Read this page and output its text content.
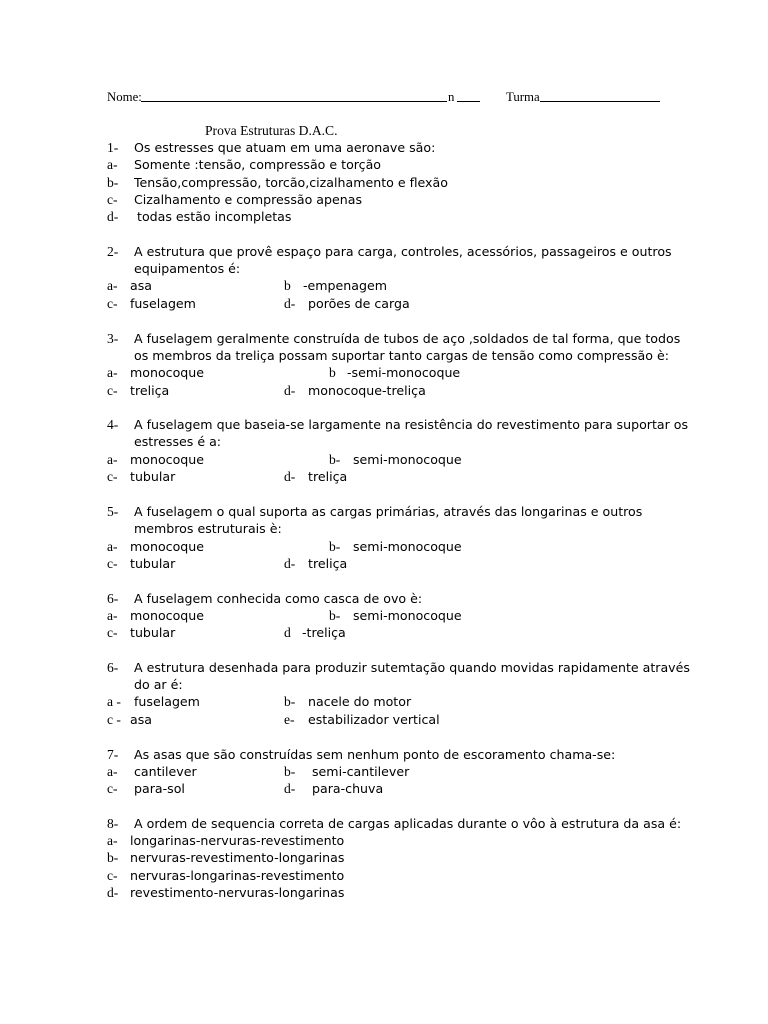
Nome:	n	Turma
Prova Estruturas D.A.C.
1- Os estresses que atuam em uma aeronave são:
a- Somente :tensão, compressão e torção
b- Tensão,compressão, torcão,cizalhamento e flexão
c- Cizalhamento e compressão apenas
d- todas estão incompletas
2- A estrutura que provê espaço para carga, controles, acessórios, passageiros e outros
equipamentos é:
a- asa	b -empenagem
c- fuselagem	d- porões de carga
3- A fuselagem geralmente construída de tubos de aço ,soldados de tal forma, que todos
os membros da treliça possam suportar tanto cargas de tensão como compressão è:
a- monocoque	b -semi-monocoque
c- treliça	d- monocoque-treliça
4- A fuselagem que baseia-se largamente na resistência do revestimento para suportar os
estresses é a:
a- monocoque	b- semi-monocoque
c- tubular	d- treliça
5- A fuselagem o qual suporta as cargas primárias, através das longarinas e outros
membros estruturais è:
a- monocoque	b- semi-monocoque
c- tubular	d- treliça
6- A fuselagem conhecida como casca de ovo è:
a- monocoque	b- semi-monocoque
c- tubular	d -treliça
6- A estrutura desenhada para produzir sutemtação quando movidas rapidamente através
do ar é:
a - fuselagem	b- nacele do motor
c - asa	e- estabilizador vertical
7- As asas que são construídas sem nenhum ponto de escoramento chama-se:
a- cantilever	b- semi-cantilever
c- para-sol	d- para-chuva
8- A ordem de sequencia correta de cargas aplicadas durante o vôo à estrutura da asa é:
a- longarinas-nervuras-revestimento
b- nervuras-revestimento-longarinas
c- nervuras-longarinas-revestimento
d- revestimento-nervuras-longarinas
